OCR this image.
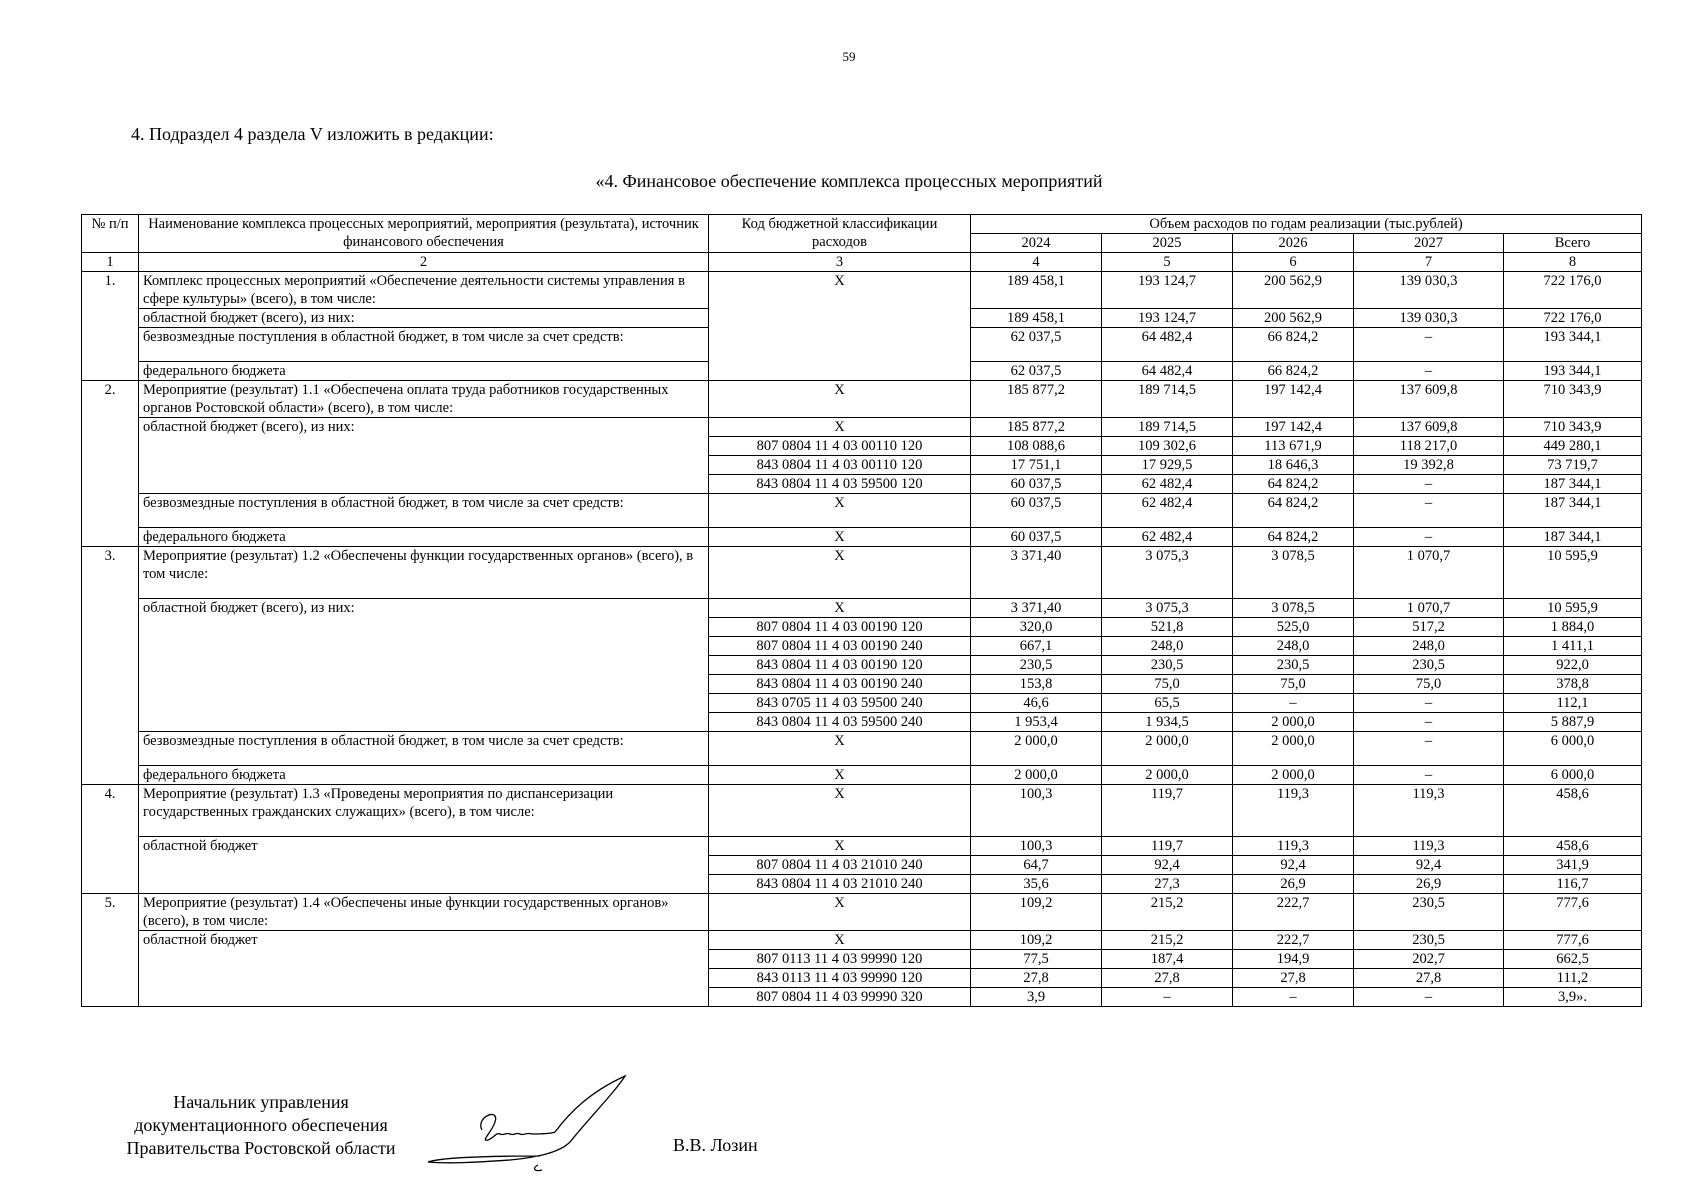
59
4. Подраздел 4 раздела V изложить в редакции:
«4. Финансовое обеспечение комплекса процессных мероприятий
№ п/п	Наименование комплекса процессных мероприятий, мероприятия (результата), источник финансового обеспечения	Код бюджетной классификации расходов	Объем расходов по годам реализации (тыс.рублей)				
			2024	2025	2026	2027	Всего
1	2	3	4	5	6	7	8
1.	Комплекс процессных мероприятий «Обеспечение деятельности системы управления в сфере культуры» (всего), в том числе:	X	189 458,1	193 124,7	200 562,9	139 030,3	722 176,0
	областной бюджет (всего), из них:		189 458,1	193 124,7	200 562,9	139 030,3	722 176,0
	безвозмездные поступления в областной бюджет, в том числе за счет средств:		62 037,5	64 482,4	66 824,2	–	193 344,1
	федерального бюджета		62 037,5	64 482,4	66 824,2	–	193 344,1
2.	Мероприятие (результат) 1.1 «Обеспечена оплата труда работников государственных органов Ростовской области» (всего), в том числе:	X	185 877,2	189 714,5	197 142,4	137 609,8	710 343,9
	областной бюджет (всего), из них:	X	185 877,2	189 714,5	197 142,4	137 609,8	710 343,9
		807 0804 11 4 03 00110 120	108 088,6	109 302,6	113 671,9	118 217,0	449 280,1
		843 0804 11 4 03 00110 120	17 751,1	17 929,5	18 646,3	19 392,8	73 719,7
		843 0804 11 4 03 59500 120	60 037,5	62 482,4	64 824,2	–	187 344,1
	безвозмездные поступления в областной бюджет, в том числе за счет средств:	X	60 037,5	62 482,4	64 824,2	–	187 344,1
	федерального бюджета	X	60 037,5	62 482,4	64 824,2	–	187 344,1
3.	Мероприятие (результат) 1.2 «Обеспечены функции государственных органов» (всего), в том числе:	X	3 371,40	3 075,3	3 078,5	1 070,7	10 595,9
	областной бюджет (всего), из них:	X	3 371,40	3 075,3	3 078,5	1 070,7	10 595,9
		807 0804 11 4 03 00190 120	320,0	521,8	525,0	517,2	1 884,0
		807 0804 11 4 03 00190 240	667,1	248,0	248,0	248,0	1 411,1
		843 0804 11 4 03 00190 120	230,5	230,5	230,5	230,5	922,0
		843 0804 11 4 03 00190 240	153,8	75,0	75,0	75,0	378,8
		843 0705 11 4 03 59500 240	46,6	65,5	–	–	112,1
		843 0804 11 4 03 59500 240	1 953,4	1 934,5	2 000,0	–	5 887,9
	безвозмездные поступления в областной бюджет, в том числе за счет средств:	X	2 000,0	2 000,0	2 000,0	–	6 000,0
	федерального бюджета	X	2 000,0	2 000,0	2 000,0	–	6 000,0
4.	Мероприятие (результат) 1.3 «Проведены мероприятия по диспансеризации государственных гражданских служащих» (всего), в том числе:	X	100,3	119,7	119,3	119,3	458,6
	областной бюджет	X	100,3	119,7	119,3	119,3	458,6
		807 0804 11 4 03 21010 240	64,7	92,4	92,4	92,4	341,9
		843 0804 11 4 03 21010 240	35,6	27,3	26,9	26,9	116,7
5.	Мероприятие (результат) 1.4 «Обеспечены иные функции государственных органов» (всего), в том числе:	X	109,2	215,2	222,7	230,5	777,6
	областной бюджет	X	109,2	215,2	222,7	230,5	777,6
		807 0113 11 4 03 99990 120	77,5	187,4	194,9	202,7	662,5
		843 0113 11 4 03 99990 120	27,8	27,8	27,8	27,8	111,2
		807 0804 11 4 03 99990 320	3,9	–	–	–	3,9».
Начальник управления
документационного обеспечения
Правительства Ростовской области	В.В. Лозин
